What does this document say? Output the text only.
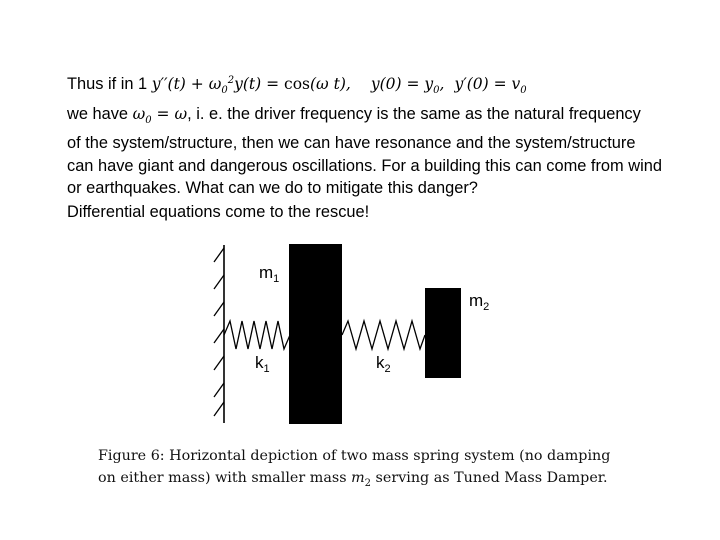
Thus if in 1 $y''(t) + \omega_0^2y(t) = \cos(\omega$ t), $y(0) = y_0$, $y'(0) = v_0$
we have $\omega_0 = \omega$, i. e. the driver frequency is the same as the natural frequency
of the system/structure, then we can have resonance and the system/structure
can have giant and dangerous oscillations. For a building this can come from wind
or earthquakes. What can we do to mitigate this danger?
Differential equations come to the rescue!
$m_1$
$m_2$
$k_1$	$k_2$
Figure 6: Horizontal depiction of two mass spring system (no damping
on either mass) with smaller mass $m_2$ serving as Tuned Mass Damper.
